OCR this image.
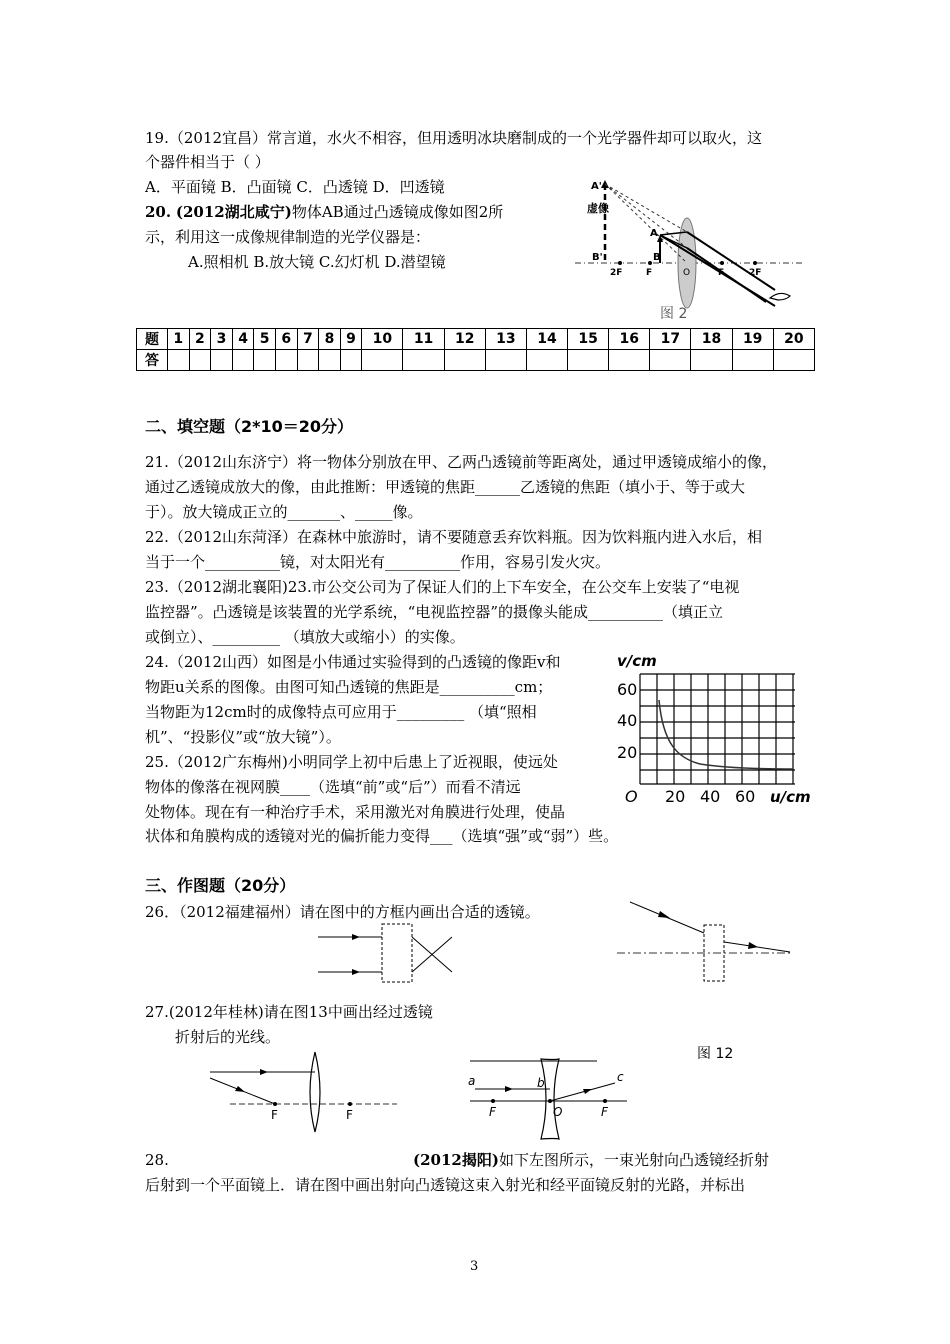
19.（2012宜昌）常言道，水火不相容，但用透明冰块磨制成的一个光学器件却可以取火，这
个器件相当于（ ）
A．平面镜 B．凸面镜 C．凸透镜 D．凹透镜
20. (2012湖北咸宁)物体AB通过凸透镜成像如图2所
示，利用这一成像规律制造的光学仪器是：
A.照相机 B.放大镜 C.幻灯机 D.潜望镜
虚像
A'
B'
A
B
2F	F	O	F	2F
图 2
题	1	2	3	4	5	6	7	8	9	10	11	12	13	14	15	16	17	18	19	20
答																				
二、填空题（2*10＝20分）
21.（2012山东济宁）将一物体分别放在甲、乙两凸透镜前等距离处，通过甲透镜成缩小的像，
通过乙透镜成放大的像，由此推断：甲透镜的焦距______乙透镜的焦距（填小于、等于或大
于）。放大镜成正立的_______、_____像。
22.（2012山东菏泽）在森林中旅游时，请不要随意丢弃饮料瓶。因为饮料瓶内进入水后，相
当于一个__________镜，对太阳光有__________作用，容易引发火灾。
23.（2012湖北襄阳)23.市公交公司为了保证人们的上下车安全，在公交车上安装了“电视
监控器”。凸透镜是该装置的光学系统，“电视监控器”的摄像头能成__________（填正立
或倒立）、_________ （填放大或缩小）的实像。
24.（2012山西）如图是小伟通过实验得到的凸透镜的像距v和
物距u关系的图像。由图可知凸透镜的焦距是__________cm；
当物距为12cm时的成像特点可应用于_________ （填“照相
机”、“投影仪”或“放大镜”）。
25.（2012广东梅州)小明同学上初中后患上了近视眼，使远处
物体的像落在视网膜____（选填“前”或“后”）而看不清远
处物体。现在有一种治疗手术，采用激光对角膜进行处理，使晶
状体和角膜构成的透镜对光的偏折能力变得___（选填“强”或“弱”）些。
v/cm
60
40
20
O 20 40 60 u/cm
三、作图题（20分）
26．（2012福建福州）请在图中的方框内画出合适的透镜。
27.(2012年桂林)请在图13中画出经过透镜
折射后的光线。
图 12
F	F
a	b	c
O
F	F
28.	(2012揭阳)如下左图所示，一束光射向凸透镜经折射
后射到一个平面镜上．请在图中画出射向凸透镜这束入射光和经平面镜反射的光路，并标出
3
